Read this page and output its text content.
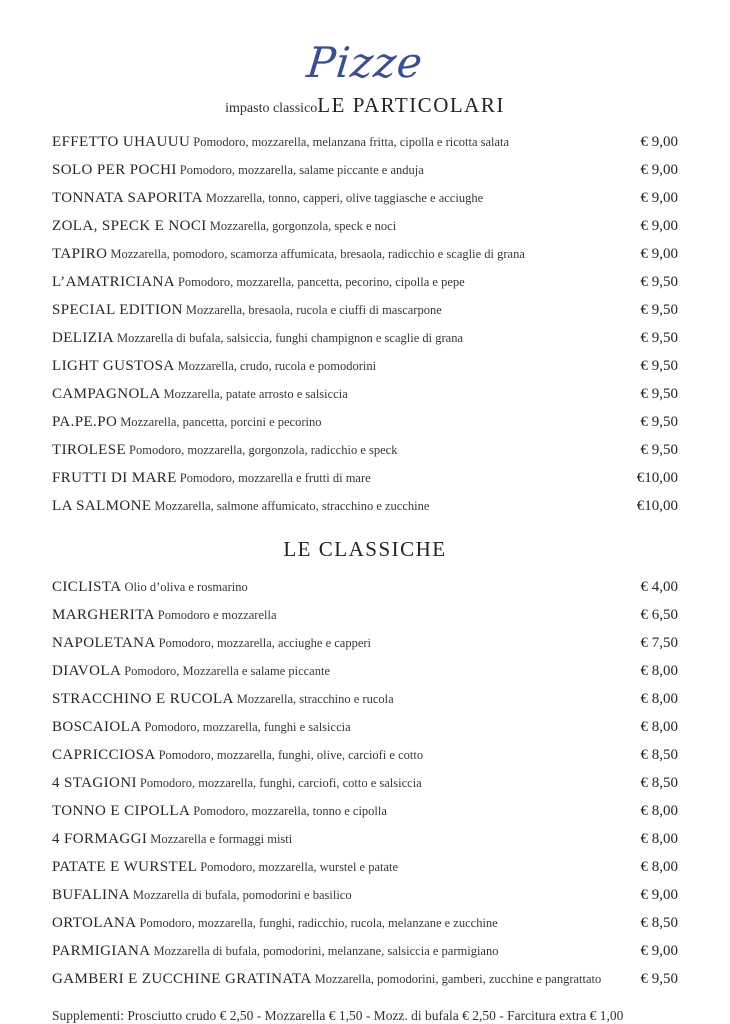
Pizze
impasto classicoLE PARTICOLARI
EFFETTO UHAUUU Pomodoro, mozzarella, melanzana fritta, cipolla e ricotta salata	€ 9,00
SOLO PER POCHI Pomodoro, mozzarella, salame piccante e anduja	€ 9,00
TONNATA SAPORITA Mozzarella, tonno, capperi, olive taggiasche e acciughe	€ 9,00
ZOLA, SPECK E NOCI Mozzarella, gorgonzola, speck e noci	€ 9,00
TAPIRO Mozzarella, pomodoro, scamorza affumicata, bresaola, radicchio e scaglie di grana	€ 9,00
L’AMATRICIANA Pomodoro, mozzarella, pancetta, pecorino, cipolla e pepe	€ 9,50
SPECIAL EDITION Mozzarella, bresaola, rucola e ciuffi di mascarpone	€ 9,50
DELIZIA Mozzarella di bufala, salsiccia, funghi champignon e scaglie di grana	€ 9,50
LIGHT GUSTOSA Mozzarella, crudo, rucola e pomodorini	€ 9,50
CAMPAGNOLA Mozzarella, patate arrosto e salsiccia	€ 9,50
PA.PE.PO Mozzarella, pancetta, porcini e pecorino	€ 9,50
TIROLESE Pomodoro, mozzarella, gorgonzola, radicchio e speck	€ 9,50
FRUTTI DI MARE Pomodoro, mozzarella e frutti di mare	€10,00
LA SALMONE Mozzarella, salmone affumicato, stracchino e zucchine	€10,00
LE CLASSICHE
CICLISTA Olio d’oliva e rosmarino	€ 4,00
MARGHERITA Pomodoro e mozzarella	€ 6,50
NAPOLETANA Pomodoro, mozzarella, acciughe e capperi	€ 7,50
DIAVOLA Pomodoro, Mozzarella e salame piccante	€ 8,00
STRACCHINO E RUCOLA Mozzarella, stracchino e rucola	€ 8,00
BOSCAIOLA Pomodoro, mozzarella, funghi e salsiccia	€ 8,00
CAPRICCIOSA Pomodoro, mozzarella, funghi, olive, carciofi e cotto	€ 8,50
4 STAGIONI Pomodoro, mozzarella, funghi, carciofi, cotto e salsiccia	€ 8,50
TONNO E CIPOLLA Pomodoro, mozzarella, tonno e cipolla	€ 8,00
4 FORMAGGI Mozzarella e formaggi misti	€ 8,00
PATATE E WURSTEL Pomodoro, mozzarella, wurstel e patate	€ 8,00
BUFALINA Mozzarella di bufala, pomodorini e basilico	€ 9,00
ORTOLANA Pomodoro, mozzarella, funghi, radicchio, rucola, melanzane e zucchine	€ 8,50
PARMIGIANA Mozzarella di bufala, pomodorini, melanzane, salsiccia e parmigiano	€ 9,00
GAMBERI E ZUCCHINE GRATINATA Mozzarella, pomodorini, gamberi, zucchine e pangrattato	€ 9,50
Supplementi: Prosciutto crudo € 2,50 - Mozzarella € 1,50 - Mozz. di bufala € 2,50 - Farcitura extra € 1,00
